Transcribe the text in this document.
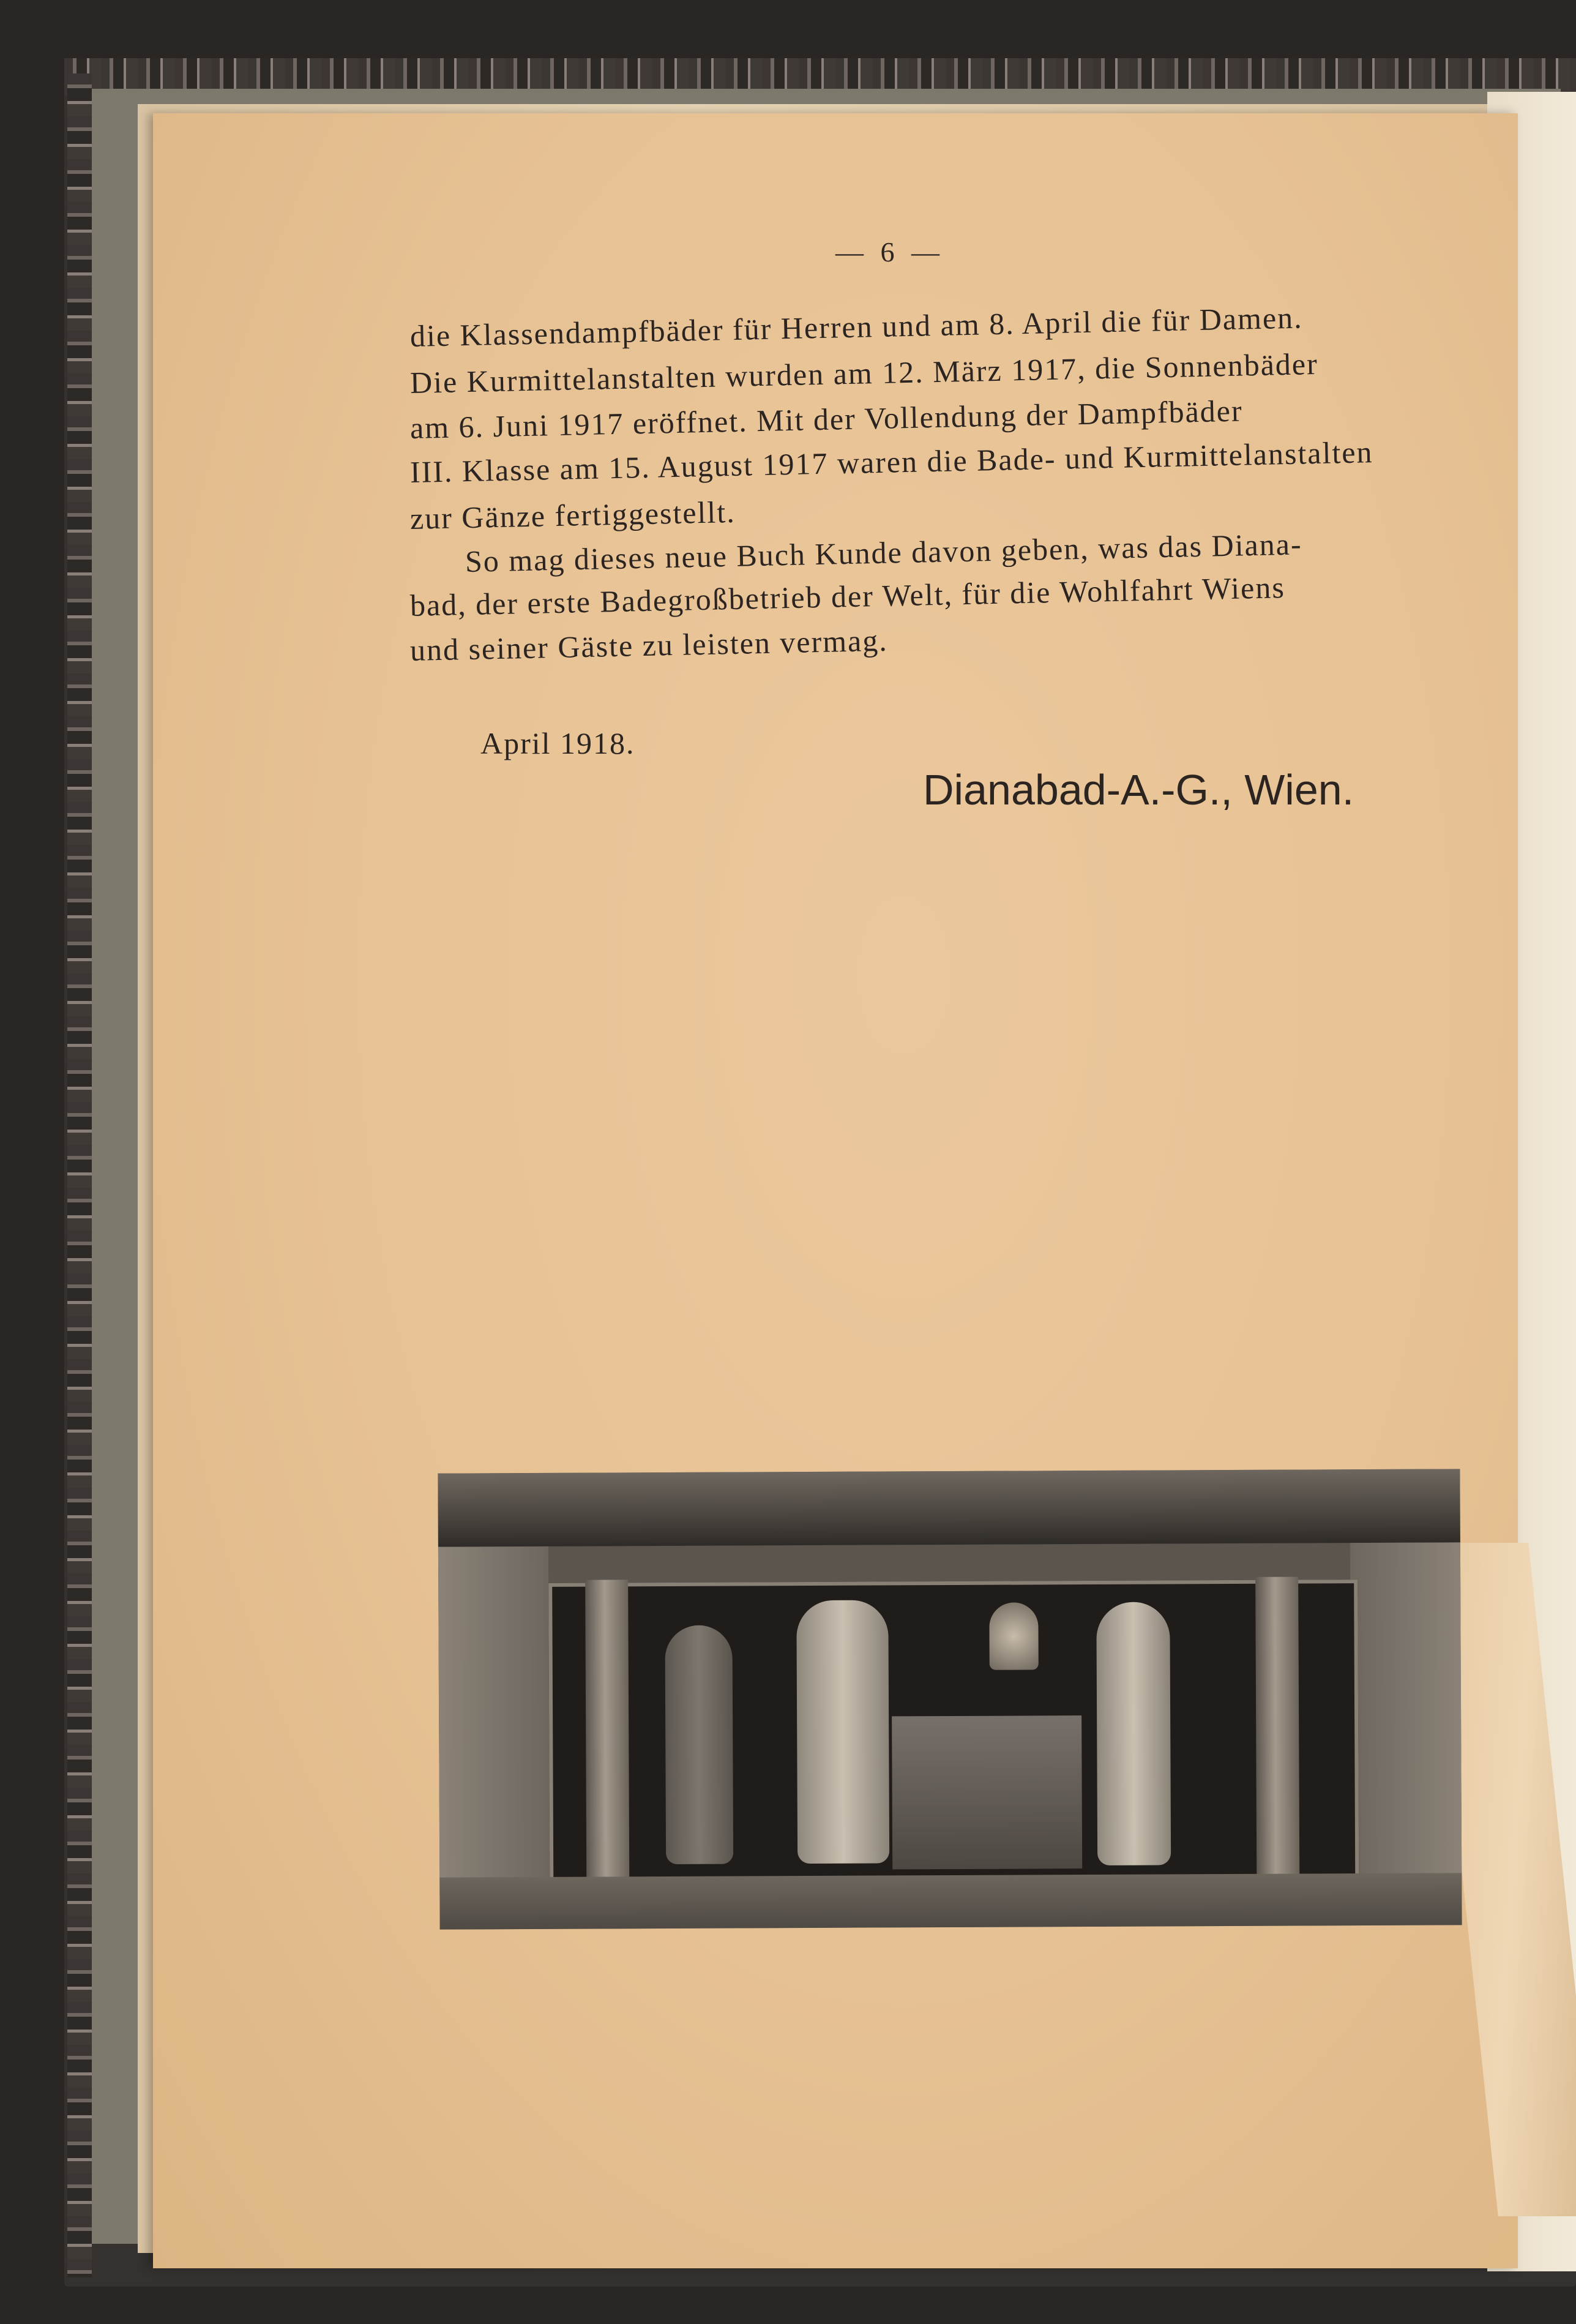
— 6 —
die Klassendampfbäder für Herren und am 8. April die für Damen.
Die Kurmittelanstalten wurden am 12. März 1917, die Sonnenbäder
am 6. Juni 1917 eröffnet. Mit der Vollendung der Dampfbäder
III. Klasse am 15. August 1917 waren die Bade- und Kurmittelanstalten
zur Gänze fertiggestellt.
So mag dieses neue Buch Kunde davon geben, was das Diana-
bad, der erste Badegroßbetrieb der Welt, für die Wohlfahrt Wiens
und seiner Gäste zu leisten vermag.
April 1918.
Dianabad-A.-G., Wien.
